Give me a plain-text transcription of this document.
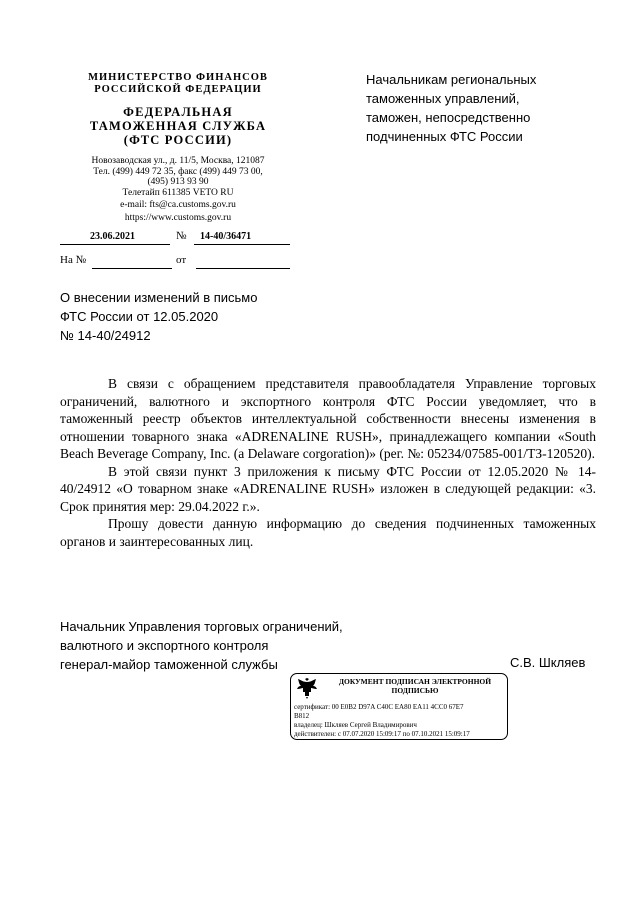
МИНИСТЕРСТВО ФИНАНСОВ
РОССИЙСКОЙ ФЕДЕРАЦИИ
ФЕДЕРАЛЬНАЯ
ТАМОЖЕННАЯ СЛУЖБА
(ФТС РОССИИ)
Новозаводская ул., д. 11/5, Москва, 121087
Тел. (499) 449 72 35, факс (499) 449 73 00,
(495) 913 93 90
Телетайп 611385 VETO RU
e-mail: fts@ca.customs.gov.ru
https://www.customs.gov.ru
23.06.2021	№ 14-40/36471
На №	от
Начальникам региональных
таможенных управлений,
таможен, непосредственно
подчиненных ФТС России
О внесении изменений в письмо
ФТС России от 12.05.2020
№ 14-40/24912

В связи с обращением представителя правообладателя Управление торговых ограничений, валютного и экспортного контроля ФТС России уведомляет, что в таможенный реестр объектов интеллектуальной собственности внесены изменения в отношении товарного знака «ADRENALINE RUSH», принадлежащего компании «South Beach Beverage Company, Inc. (a Delaware corgoration)» (рег. №: 05234/07585-001/ТЗ-120520).

В этой связи пункт 3 приложения к письму ФТС России от 12.05.2020 № 14-40/24912 «О товарном знаке «ADRENALINE RUSH» изложен в следующей редакции: «3. Срок принятия мер: 29.04.2022 г.».

Прошу довести данную информацию до сведения подчиненных таможенных органов и заинтересованных лиц.

Начальник Управления торговых ограничений,
валютного и экспортного контроля
генерал-майор таможенной службы	С.В. Шкляев
ДОКУМЕНТ ПОДПИСАН ЭЛЕКТРОННОЙ ПОДПИСЬЮ
сертификат: 00 E0B2 D97A C40C EA80 EA11 4CC0 67E7
B812
владелец: Шкляев Сергей Владимирович
действителен: с 07.07.2020 15:09:17 по 07.10.2021 15:09:17
